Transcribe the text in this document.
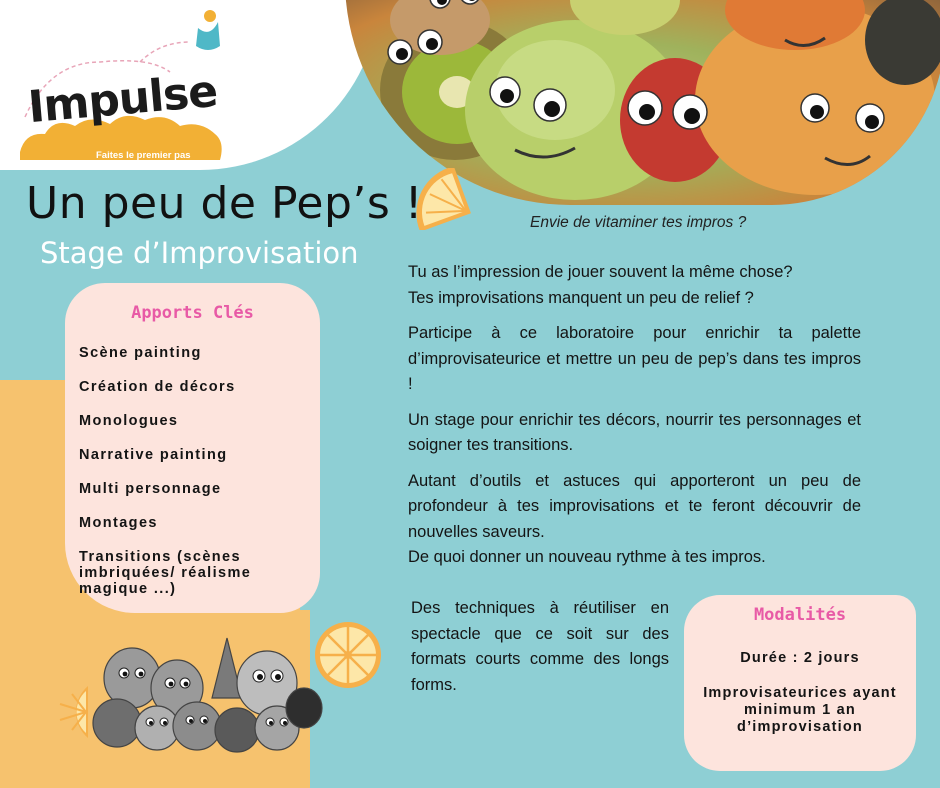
Impulse
Faites le premier pas
Un peu de Pep’s !
Stage d’Improvisation
Envie de vitaminer tes impros ?
Apports Clés
Scène painting
Création de décors
Monologues
Narrative painting
Multi personnage
Montages
Transitions (scènes imbriquées/ réalisme magique ...)

Tu as l’impression de jouer souvent la même chose?
Tes improvisations manquent un peu de relief ?

Participe à ce laboratoire pour enrichir ta palette d’improvisateurice et mettre un peu de pep’s dans tes impros !

Un stage pour enrichir tes décors, nourrir tes personnages et soigner tes transitions.

Autant d’outils et astuces qui apporteront un peu de profondeur à tes improvisations et te feront découvrir de nouvelles saveurs.

De quoi donner un nouveau rythme à tes impros.

Des techniques à réutiliser en spectacle que ce soit sur des formats courts comme des longs forms.
Modalités
Durée : 2 jours
Improvisateurices ayant minimum 1 an d’improvisation
